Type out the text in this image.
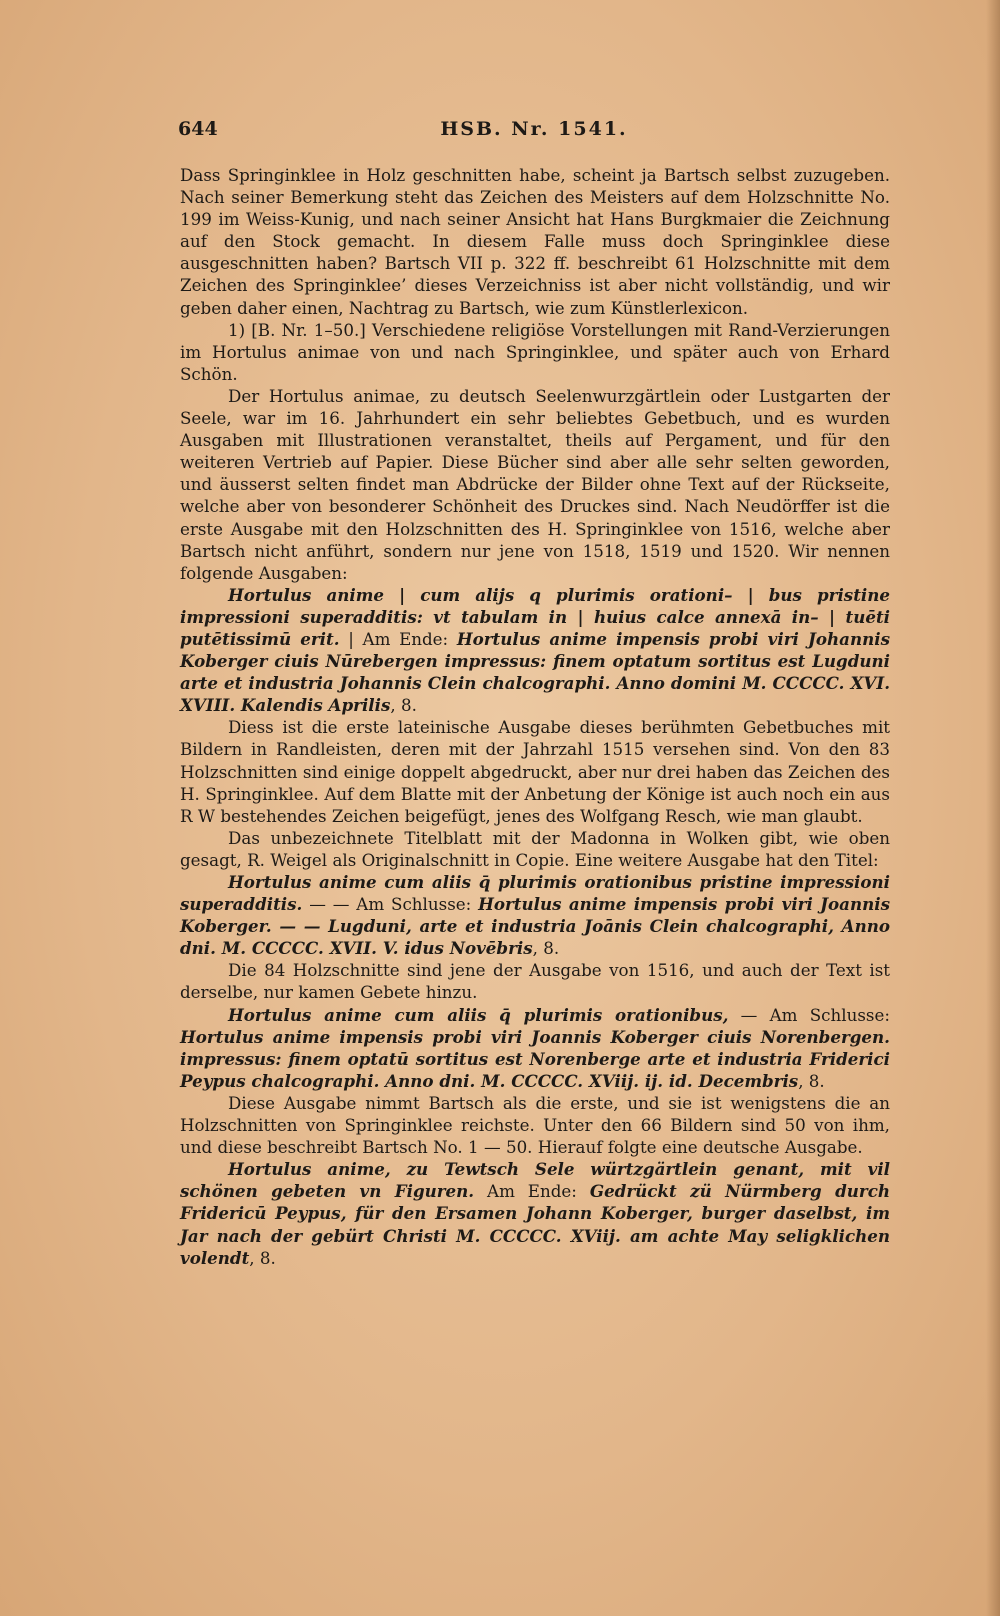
644	HSB. Nr. 1541.

Dass Springinklee in Holz geschnitten habe, scheint ja Bartsch selbst zuzugeben. Nach seiner Bemerkung steht das Zeichen des Meisters auf dem Holzschnitte No. 199 im Weiss-Kunig, und nach seiner Ansicht hat Hans Burgkmaier die Zeichnung auf den Stock gemacht. In diesem Falle muss doch Springinklee diese ausgeschnitten haben? Bartsch VII p. 322 ff. beschreibt 61 Holzschnitte mit dem Zeichen des Springinklee’ dieses Verzeichniss ist aber nicht vollständig, und wir geben daher einen, Nachtrag zu Bartsch, wie zum Künstlerlexicon.

1) [B. Nr. 1–50.] Verschiedene religiöse Vorstellungen mit Rand-Verzierungen im Hortulus animae von und nach Springinklee, und später auch von Erhard Schön.

Der Hortulus animae, zu deutsch Seelenwurzgärtlein oder Lustgarten der Seele, war im 16. Jahrhundert ein sehr beliebtes Gebetbuch, und es wurden Ausgaben mit Illustrationen veranstaltet, theils auf Pergament, und für den weiteren Vertrieb auf Papier. Diese Bücher sind aber alle sehr selten geworden, und äusserst selten findet man Abdrücke der Bilder ohne Text auf der Rückseite, welche aber von besonderer Schönheit des Druckes sind. Nach Neudörffer ist die erste Ausgabe mit den Holzschnitten des H. Springinklee von 1516, welche aber Bartsch nicht anführt, sondern nur jene von 1518, 1519 und 1520. Wir nennen folgende Ausgaben:

Hortulus anime | cum alijs q plurimis orationi– | bus pristine impressioni superadditis: vt tabulam in | huius calce annexā in– | tuēti putētissimū erit. | Am Ende: Hortulus anime impensis probi viri Johannis Koberger ciuis Nūrebergen impressus: finem optatum sortitus est Lugduni arte et industria Johannis Clein chalcographi. Anno domini M. CCCCC. XVI. XVIII. Kalendis Aprilis, 8.

Diess ist die erste lateinische Ausgabe dieses berühmten Gebetbuches mit Bildern in Randleisten, deren mit der Jahrzahl 1515 versehen sind. Von den 83 Holzschnitten sind einige doppelt abgedruckt, aber nur drei haben das Zeichen des H. Springinklee. Auf dem Blatte mit der Anbetung der Könige ist auch noch ein aus R W bestehendes Zeichen beigefügt, jenes des Wolfgang Resch, wie man glaubt.

Das unbezeichnete Titelblatt mit der Madonna in Wolken gibt, wie oben gesagt, R. Weigel als Originalschnitt in Copie. Eine weitere Ausgabe hat den Titel:

Hortulus anime cum aliis q̄ plurimis orationibus pristine impressioni superadditis. — — Am Schlusse: Hortulus anime impensis probi viri Joannis Koberger. — — Lugduni, arte et industria Joānis Clein chalcographi, Anno dni. M. CCCCC. XVII. V. idus Novēbris, 8.

Die 84 Holzschnitte sind jene der Ausgabe von 1516, und auch der Text ist derselbe, nur kamen Gebete hinzu.

Hortulus anime cum aliis q̄ plurimis orationibus, — Am Schlusse: Hortulus anime impensis probi viri Joannis Koberger ciuis Norenbergen. impressus: finem optatū sortitus est Norenberge arte et industria Friderici Peypus chalcographi. Anno dni. M. CCCCC. XViij. ij. id. Decembris, 8.

Diese Ausgabe nimmt Bartsch als die erste, und sie ist wenigstens die an Holzschnitten von Springinklee reichste. Unter den 66 Bildern sind 50 von ihm, und diese beschreibt Bartsch No. 1 — 50. Hierauf folgte eine deutsche Ausgabe.

Hortulus anime, zu Tewtsch Sele würtzgärtlein genant, mit vil schönen gebeten vn Figuren. Am Ende: Gedrückt zü Nürmberg durch Fridericū Peypus, für den Ersamen Johann Koberger, burger daselbst, im Jar nach der gebürt Christi M. CCCCC. XViij. am achte May seligklichen volendt, 8.
